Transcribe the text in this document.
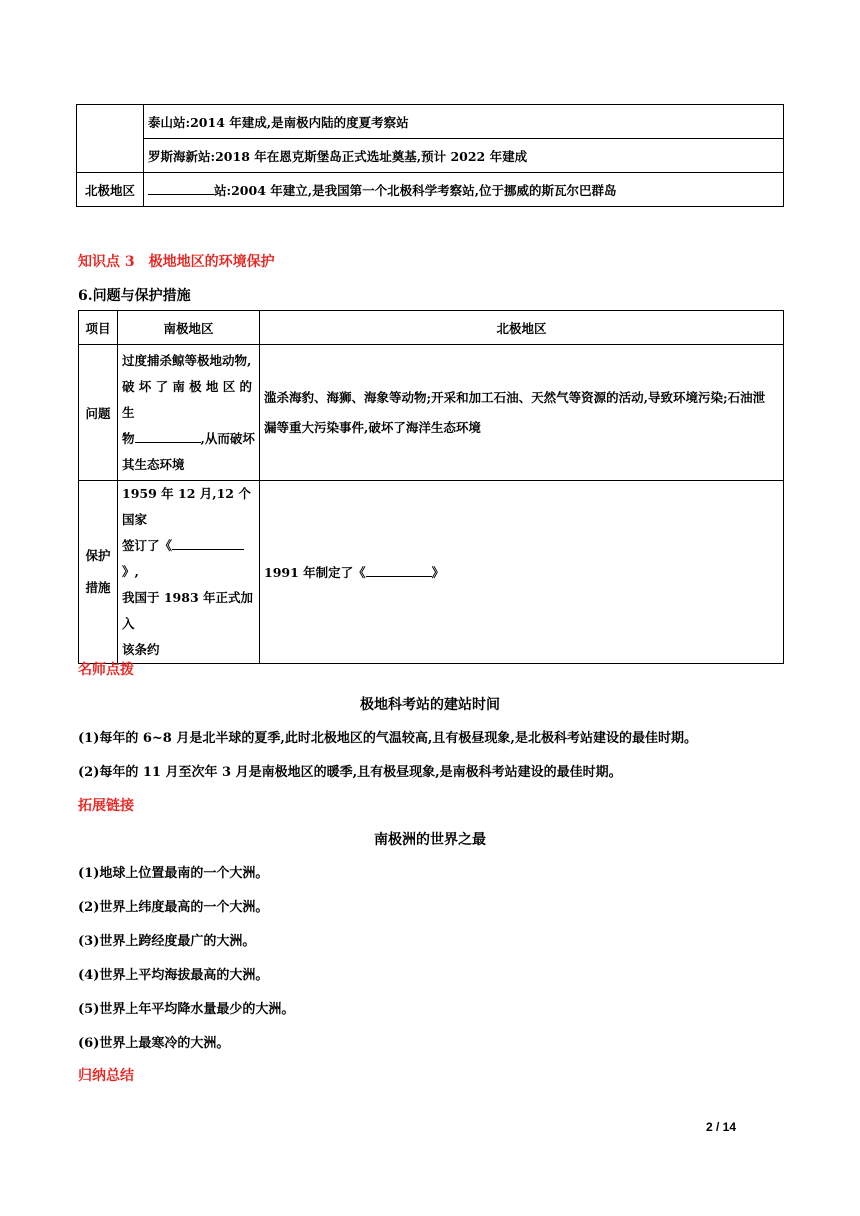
	泰山站:2014 年建成,是南极内陆的度夏考察站
	罗斯海新站:2018 年在恩克斯堡岛正式选址奠基,预计 2022 年建成
北极地区	站:2004 年建立,是我国第一个北极科学考察站,位于挪威的斯瓦尔巴群岛
知识点 3　极地地区的环境保护
6.问题与保护措施
项目	南极地区	北极地区
问题	过度捕杀鲸等极地动物,
破坏了南极地区的生
物 ,从而破坏
其生态环境	滥杀海豹、海狮、海象等动物;开采和加工石油、天然气等资源的活动,导致环境污染;石油泄
漏等重大污染事件,破坏了海洋生态环境

保护
措施	1959 年 12 月,12 个国家
签订了《》,
我国于 1983 年正式加入
该条约	1991 年制定了《 》
名师点拨
极地科考站的建站时间
(1)每年的 6~8 月是北半球的夏季,此时北极地区的气温较高,且有极昼现象,是北极科考站建设的最佳时期。
(2)每年的 11 月至次年 3 月是南极地区的暖季,且有极昼现象,是南极科考站建设的最佳时期。
拓展链接
南极洲的世界之最
(1)地球上位置最南的一个大洲。
(2)世界上纬度最高的一个大洲。
(3)世界上跨经度最广的大洲。
(4)世界上平均海拔最高的大洲。
(5)世界上年平均降水量最少的大洲。
(6)世界上最寒冷的大洲。
归纳总结
2 / 14
